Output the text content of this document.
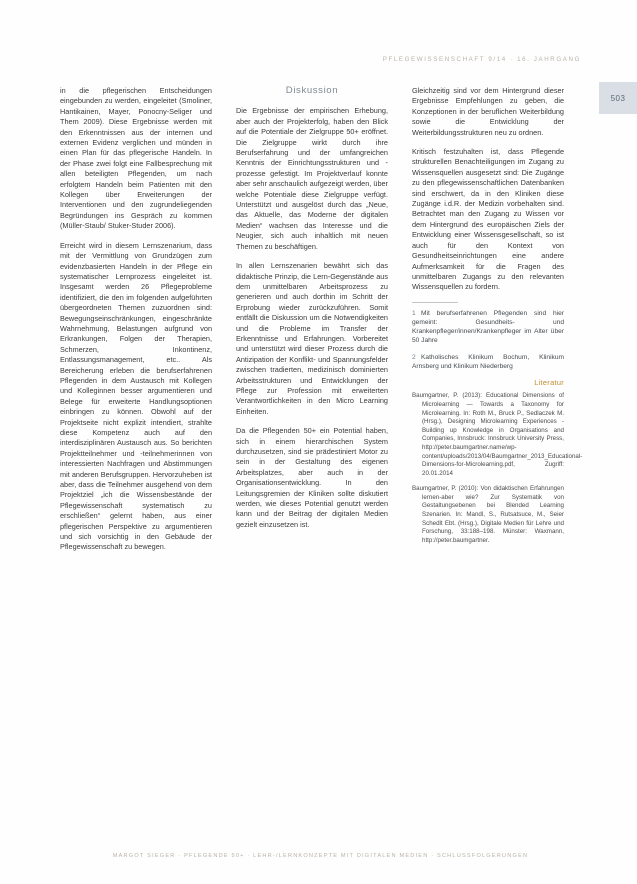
PFLEGEWISSENSCHAFT 9/14 · 16. JAHRGANG
503

in die pflegerischen Entscheidungen eingebunden zu werden, eingeleitet (Smoliner, Hantikainen, Mayer, Ponocny-Seliger und Them 2009). Diese Ergebnisse werden mit den Erkenntnissen aus der internen und externen Evidenz verglichen und münden in einen Plan für das pflegerische Handeln. In der Phase zwei folgt eine Fallbesprechung mit allen beteiligten Pflegenden, um nach erfolgtem Handeln beim Patienten mit den Kollegen über Erweiterungen der Interventionen und den zugrundeliegenden Begründungen ins Gespräch zu kommen (Müller-Staub/ Stuker-Studer 2006).

Erreicht wird in diesem Lernszenarium, dass mit der Vermittlung von Grundzügen zum evidenzbasierten Handeln in der Pflege ein systematischer Lernprozess eingeleitet ist. Insgesamt werden 26 Pflegeprobleme identifiziert, die den im folgenden aufgeführten übergeordneten Themen zuzuordnen sind: Bewegungseinschränkungen, eingeschränkte Wahrnehmung, Belastungen aufgrund von Erkrankungen, Folgen der Therapien, Schmerzen, Inkontinenz, Entlassungsmanagement, etc.. Als Bereicherung erleben die berufserfahrenen Pflegenden in dem Austausch mit Kollegen und Kolleginnen besser argumentieren und Belege für erweiterte Handlungsoptionen einbringen zu können. Obwohl auf der Projektseite nicht explizit intendiert, strahlte diese Kompetenz auch auf den interdisziplinären Austausch aus. So berichten Projektteilnehmer und -teilnehmerinnen von interessierten Nachfragen und Abstimmungen mit anderen Berufsgruppen. Hervorzuheben ist aber, dass die Teilnehmer ausgehend von dem Projektziel „ich die Wissensbestände der Pflegewissenschaft systematisch zu erschließen“ gelernt haben, aus einer pflegerischen Perspektive zu argumentieren und sich vorsichtig in den Gebäude der Pflegewissenschaft zu bewegen.

Diskussion

Die Ergebnisse der empirischen Erhebung, aber auch der Projekterfolg, haben den Blick auf die Potentiale der Zielgruppe 50+ eröffnet. Die Zielgruppe wirkt durch ihre Berufserfahrung und der umfangreichen Kenntnis der Einrichtungsstrukturen und -prozesse gefestigt. Im Projektverlauf konnte aber sehr anschaulich aufgezeigt werden, über welche Potentiale diese Zielgruppe verfügt. Unterstützt und ausgelöst durch das „Neue, das Aktuelle, das Moderne der digitalen Medien“ wachsen das Interesse und die Neugier, sich auch inhaltlich mit neuen Themen zu beschäftigen.

In allen Lernszenarien bewährt sich das didaktische Prinzip, die Lern-Gegenstände aus dem unmittelbaren Arbeitsprozess zu generieren und auch dorthin im Schritt der Erprobung wieder zurückzuführen. Somit entfällt die Diskussion um die Notwendigkeiten und die Probleme im Transfer der Erkenntnisse und Erfahrungen. Vorbereitet und unterstützt wird dieser Prozess durch die Antizipation der Konflikt- und Spannungsfelder zwischen tradierten, medizinisch dominierten Arbeitsstrukturen und Entwicklungen der Pflege zur Profession mit erweiterten Verantwortlichkeiten in den Micro Learning Einheiten.

Da die Pflegenden 50+ ein Potential haben, sich in einem hierarchischen System durchzusetzen, sind sie prädestiniert Motor zu sein in der Gestaltung des eigenen Arbeitsplatzes, aber auch in der Organisationsentwicklung. In den Leitungsgremien der Kliniken sollte diskutiert werden, wie dieses Potential genutzt werden kann und der Beitrag der digitalen Medien gezielt einzusetzen ist.

Gleichzeitig sind vor dem Hintergrund dieser Ergebnisse Empfehlungen zu geben, die Konzeptionen in der beruflichen Weiterbildung sowie die Entwicklung der Weiterbildungsstrukturen neu zu ordnen.

Kritisch festzuhalten ist, dass Pflegende strukturellen Benachteiligungen im Zugang zu Wissensquellen ausgesetzt sind: Die Zugänge zu den pflegewissenschaftlichen Datenbanken sind erschwert, da in den Kliniken diese Zugänge i.d.R. der Medizin vorbehalten sind. Betrachtet man den Zugang zu Wissen vor dem Hintergrund des europäischen Ziels der Entwicklung einer Wissensgesellschaft, so ist auch für den Kontext von Gesundheitseinrichtungen eine andere Aufmerksamkeit für die Fragen des unmittelbaren Zugangs zu den relevanten Wissensquellen zu fordern.

1 Mit berufserfahrenen Pflegenden sind hier gemeint: Gesundheits- und Krankenpfleger/innen/Krankenpfleger im Alter über 50 Jahre
2 Katholisches Klinikum Bochum, Klinikum Arnsberg und Klinikum Niederberg
Literatur
Baumgartner, P. (2013): Educational Dimensions of Microlearning — Towards a Taxonomy for Microlearning. In: Roth M., Bruck P., Sedlaczek M. (Hrsg.), Designing Microlearning Experiences - Building up Knowledge in Organisations and Companies, Innsbruck: Innsbruck University Press, http://peter.baumgartner.name/wp-content/uploads/2013/04/Baumgartner_2013_Educational-Dimensions-for-Microlearning.pdf, Zugriff: 20.01.2014
Baumgartner, P. (2010): Von didaktischen Erfahrungen lernen-aber wie? Zur Systematik von Gestaltungsebenen bei Blended Learning Szenarien. In: Mandl, S., Rutsatsuce, M., Seier Schedlt Ebt. (Hrsg.), Digitale Medien für Lehre und Forschung, 33:188–198. Münster: Waxmann, http://peter.baumgartner.
MARGOT SIEGER · PFLEGENDE 50+ · LEHR-/LERNKONZEPTE MIT DIGITALEN MEDIEN · SCHLUSSFOLGERUNGEN
